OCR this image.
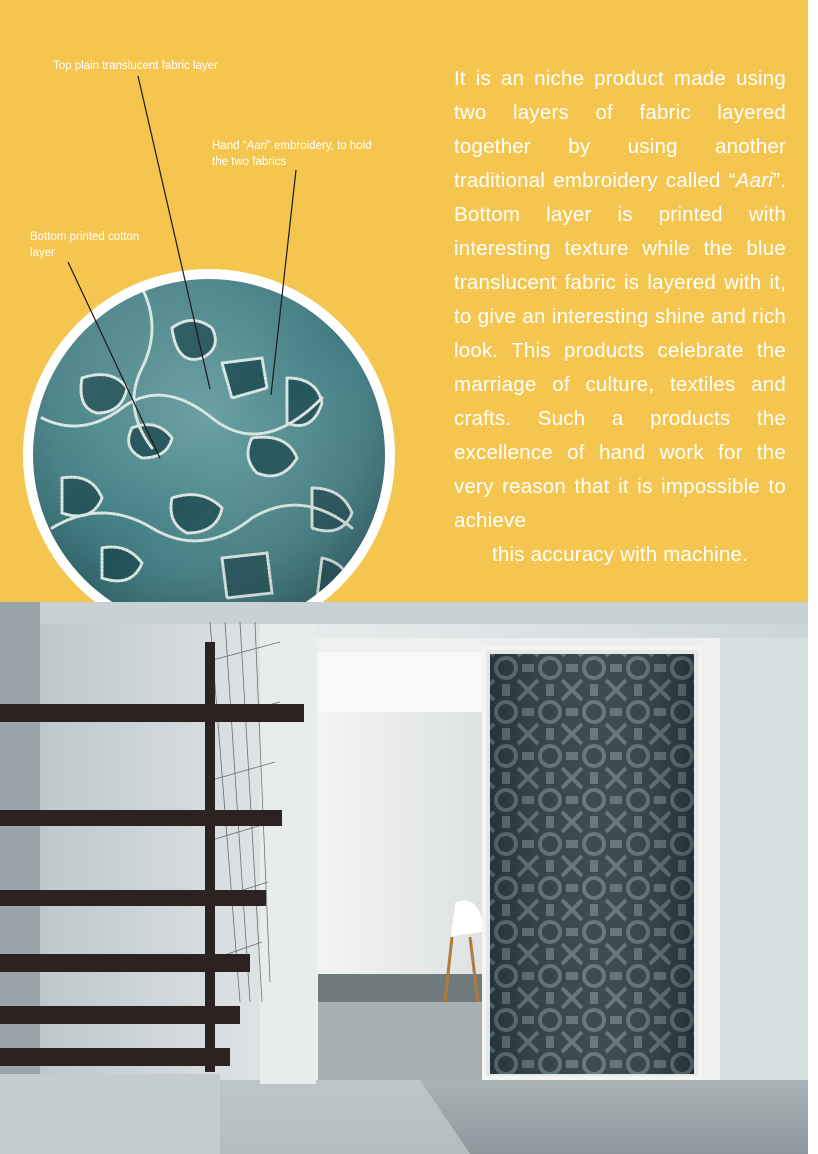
Top plain translucent fabric layer
Hand “Aari” embroidery, to hold the two fabrics
Bottom printed cotton layer

It is an niche product made using two layers of fabric layered together by using another traditional embroidery called “Aari”. Bottom layer is printed with interesting texture while the blue translucent fabric is layered with it, to give an interesting shine and rich look. This products celebrate the marriage of culture, textiles and crafts. Such a products the excellence of hand work for the very reason that it is impossible to achieve

this accuracy with machine.
